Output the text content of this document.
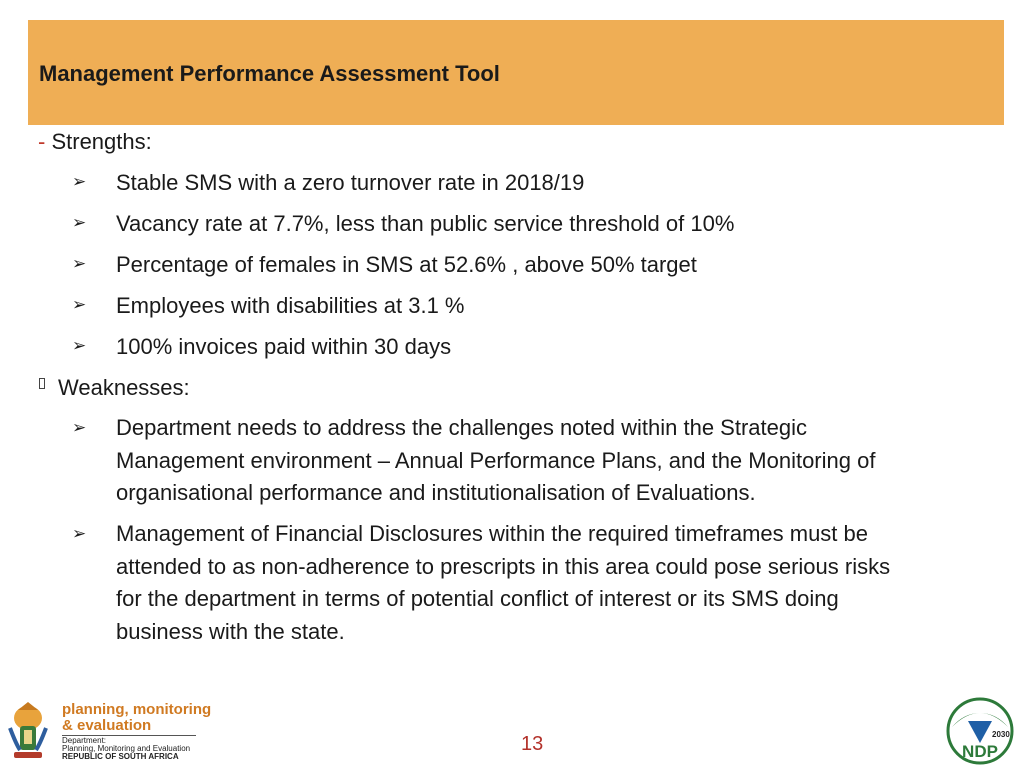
Management Performance Assessment Tool
- Strengths:
➢ Stable SMS with a zero turnover rate in 2018/19
➢ Vacancy rate at 7.7%, less than public service threshold of 10%
➢ Percentage of females in SMS at 52.6% , above 50% target
➢ Employees with disabilities at 3.1 %
➢ 100% invoices paid within 30 days
Weaknesses:
➢ Department needs to address the challenges noted within the Strategic
Management environment – Annual Performance Plans, and the Monitoring of
organisational performance and institutionalisation of Evaluations.
➢ Management of Financial Disclosures within the required timeframes must be
attended to as non-adherence to prescripts in this area could pose serious risks
for the department in terms of potential conflict of interest or its SMS doing
business with the state.
planning, monitoring
& evaluation
Department:
Planning, Monitoring and Evaluation
REPUBLIC OF SOUTH AFRICA
13	2030
NDP
